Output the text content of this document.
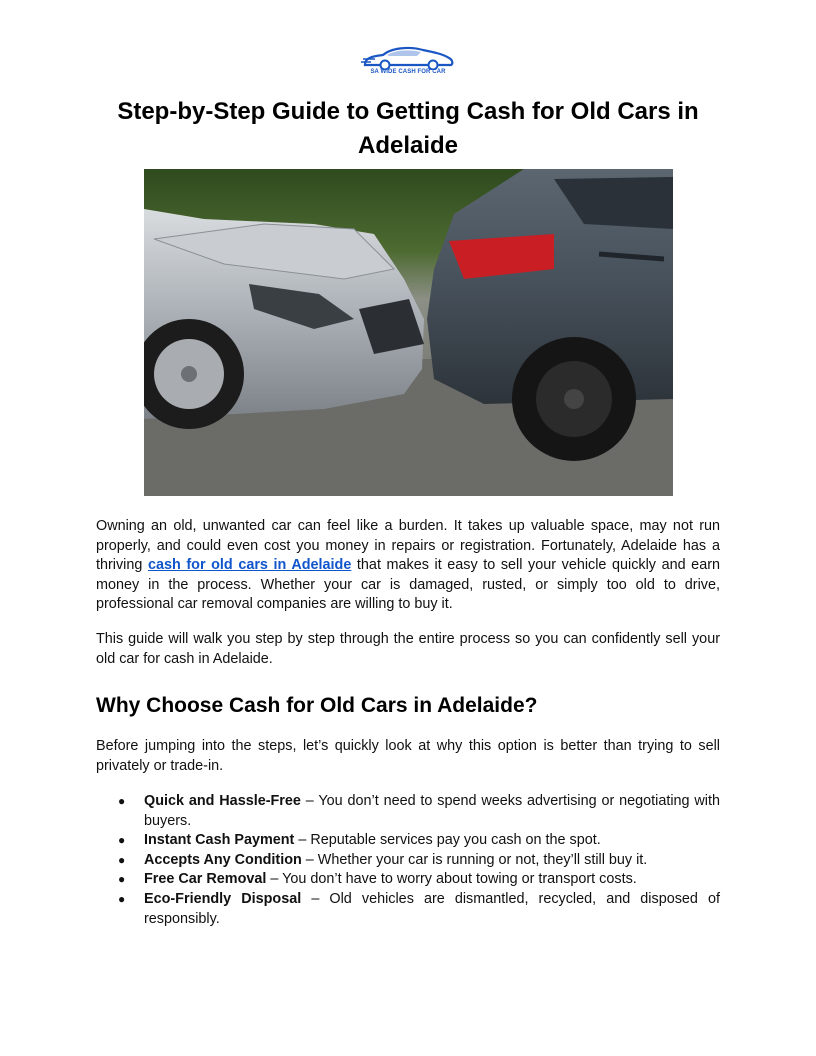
SA WIDE CASH FOR CAR
Step-by-Step Guide to Getting Cash for Old Cars in Adelaide

Owning an old, unwanted car can feel like a burden. It takes up valuable space, may not run properly, and could even cost you money in repairs or registration. Fortunately, Adelaide has a thriving cash for old cars in Adelaide that makes it easy to sell your vehicle quickly and earn money in the process. Whether your car is damaged, rusted, or simply too old to drive, professional car removal companies are willing to buy it.

This guide will walk you step by step through the entire process so you can confidently sell your old car for cash in Adelaide.

Why Choose Cash for Old Cars in Adelaide?

Before jumping into the steps, let’s quickly look at why this option is better than trying to sell privately or trade-in.

● Quick and Hassle-Free – You don’t need to spend weeks advertising or negotiating with buyers.
● Instant Cash Payment – Reputable services pay you cash on the spot.
● Accepts Any Condition – Whether your car is running or not, they’ll still buy it.
● Free Car Removal – You don’t have to worry about towing or transport costs.
● Eco-Friendly Disposal – Old vehicles are dismantled, recycled, and disposed of responsibly.
